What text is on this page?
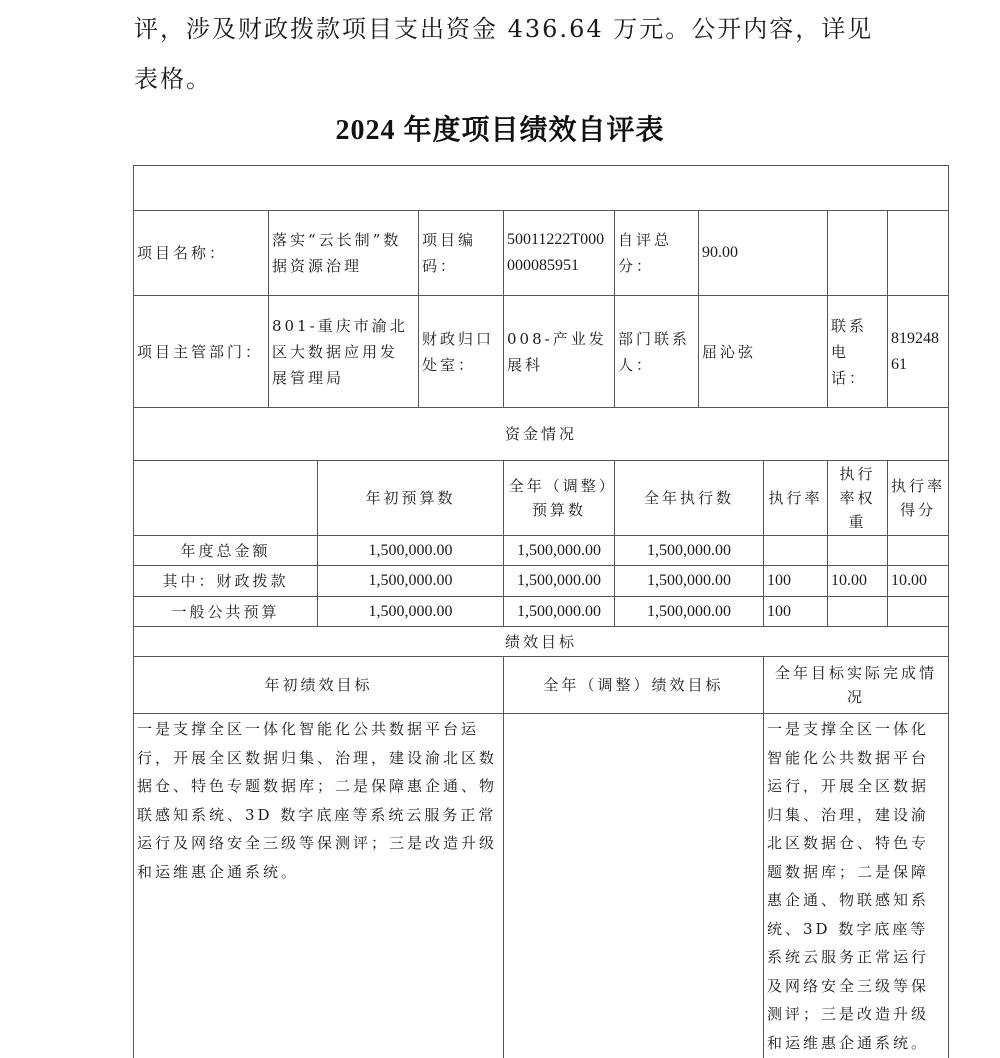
评，涉及财政拨款项目支出资金 436.64 万元。公开内容，详见
表格。
2024 年度项目绩效自评表

项目名称：	落实“云长制”数据资源治理		项目编码：	50011222T000000085951	自评总分：	90.00			
项目主管部门：	801-重庆市渝北区大数据应用发展管理局		财政归口处室：	008-产业发展科	部门联系人：	屈沁弦		联系电话：	81924861
资金情况									
		年初预算数		全年（调整）预算数	全年执行数		执行率	执行率权重	执行率得分
年度总金额		1,500,000.00		1,500,000.00	1,500,000.00				
其中：财政拨款		1,500,000.00		1,500,000.00	1,500,000.00		100	10.00	10.00
一般公共预算		1,500,000.00		1,500,000.00	1,500,000.00		100		
绩效目标									
年初绩效目标				全年（调整）绩效目标			全年目标实际完成情况		
一是支撑全区一体化智能化公共数据平台运行，开展全区数据归集、治理，建设渝北区数据仓、特色专题数据库；二是保障惠企通、物联感知系统、3D 数字底座等系统云服务正常运行及网络安全三级等保测评；三是改造升级和运维惠企通系统。							一是支撑全区一体化智能化公共数据平台运行，开展全区数据归集、治理，建设渝北区数据仓、特色专题数据库；二是保障惠企通、物联感知系统、3D 数字底座等系统云服务正常运行及网络安全三级等保测评；三是改造升级和运维惠企通系统。		
